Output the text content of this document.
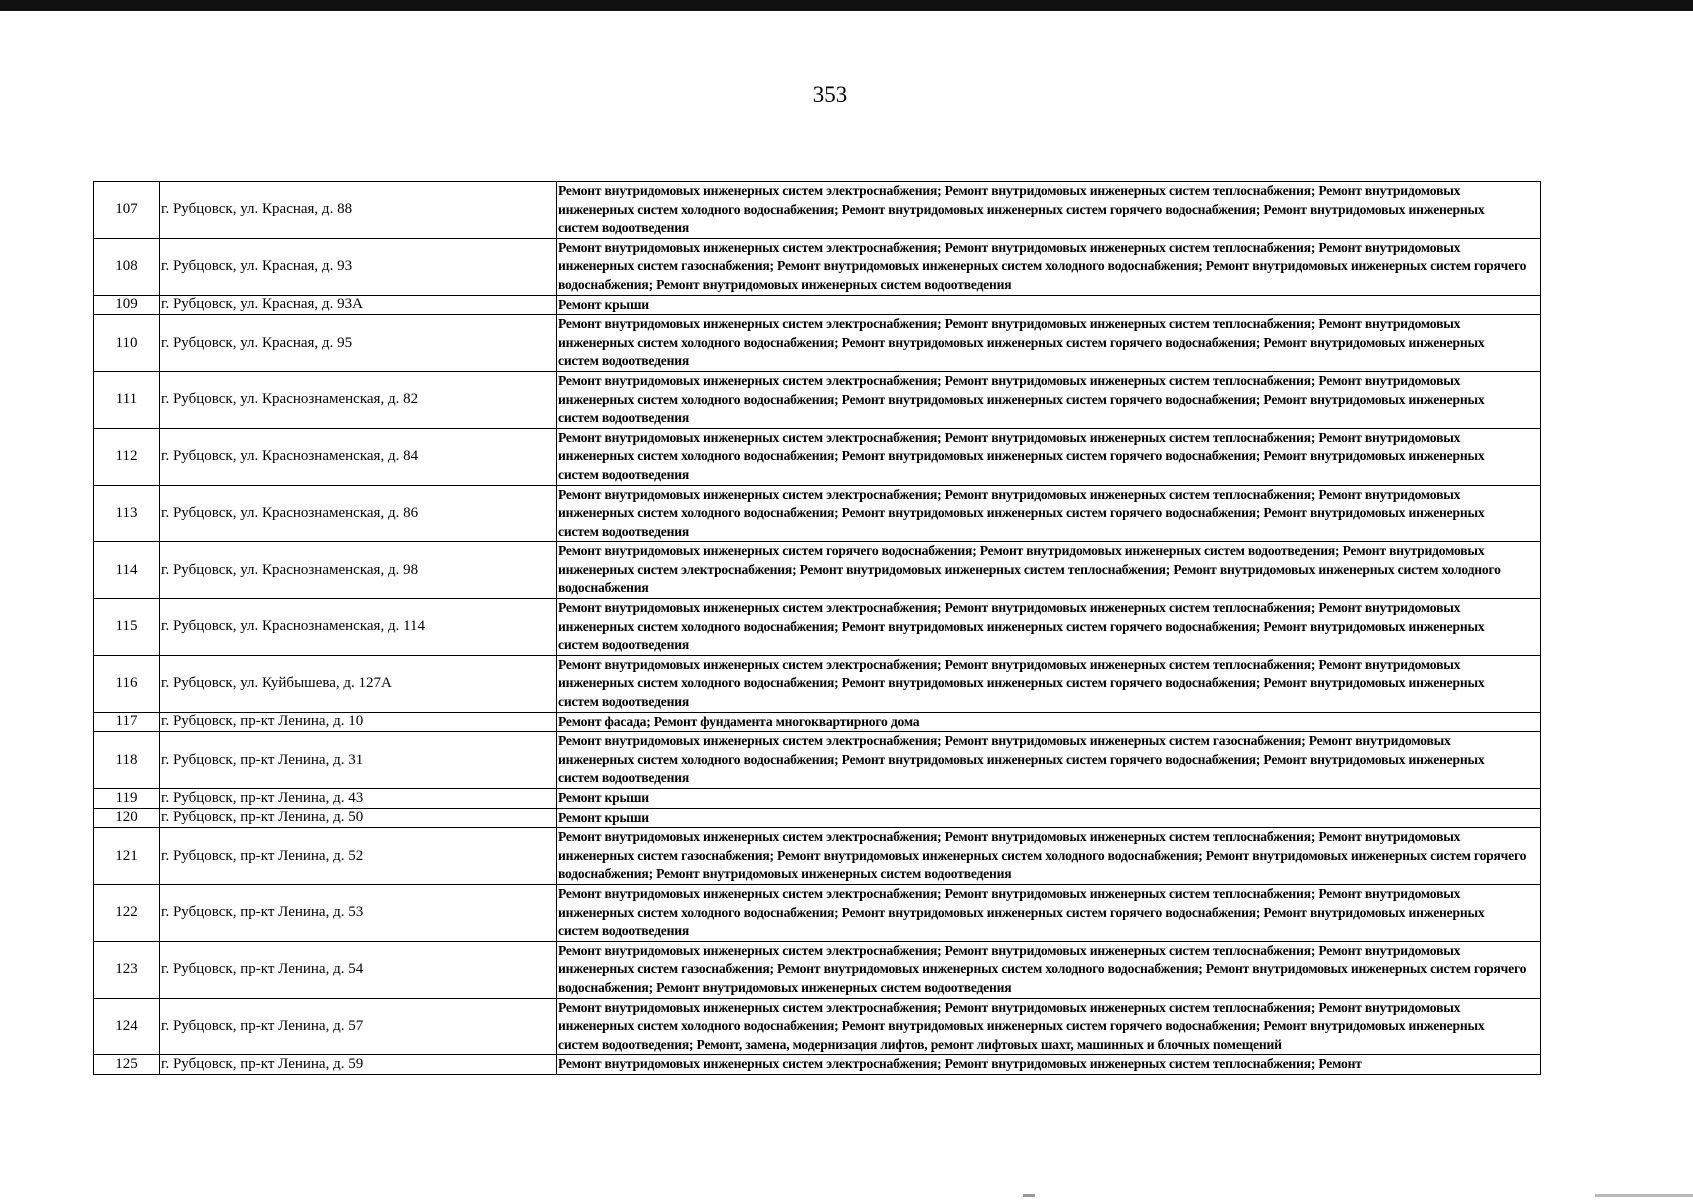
353
107	г. Рубцовск, ул. Красная, д. 88	Ремонт внутридомовых инженерных систем электроснабжения; Ремонт внутридомовых инженерных систем теплоснабжения; Ремонт внутридомовых инженерных систем холодного водоснабжения; Ремонт внутридомовых инженерных систем горячего водоснабжения; Ремонт внутридомовых инженерных систем водоотведения

108	г. Рубцовск, ул. Красная, д. 93	Ремонт внутридомовых инженерных систем электроснабжения; Ремонт внутридомовых инженерных систем теплоснабжения; Ремонт внутридомовых инженерных систем газоснабжения; Ремонт внутридомовых инженерных систем холодного водоснабжения; Ремонт внутридомовых инженерных систем горячего водоснабжения; Ремонт внутридомовых инженерных систем водоотведения

109	г. Рубцовск, ул. Красная, д. 93А	Ремонт крыши

110	г. Рубцовск, ул. Красная, д. 95	Ремонт внутридомовых инженерных систем электроснабжения; Ремонт внутридомовых инженерных систем теплоснабжения; Ремонт внутридомовых инженерных систем холодного водоснабжения; Ремонт внутридомовых инженерных систем горячего водоснабжения; Ремонт внутридомовых инженерных систем водоотведения

111	г. Рубцовск, ул. Краснознаменская, д. 82	Ремонт внутридомовых инженерных систем электроснабжения; Ремонт внутридомовых инженерных систем теплоснабжения; Ремонт внутридомовых инженерных систем холодного водоснабжения; Ремонт внутридомовых инженерных систем горячего водоснабжения; Ремонт внутридомовых инженерных систем водоотведения

112	г. Рубцовск, ул. Краснознаменская, д. 84	Ремонт внутридомовых инженерных систем электроснабжения; Ремонт внутридомовых инженерных систем теплоснабжения; Ремонт внутридомовых инженерных систем холодного водоснабжения; Ремонт внутридомовых инженерных систем горячего водоснабжения; Ремонт внутридомовых инженерных систем водоотведения

113	г. Рубцовск, ул. Краснознаменская, д. 86	Ремонт внутридомовых инженерных систем электроснабжения; Ремонт внутридомовых инженерных систем теплоснабжения; Ремонт внутридомовых инженерных систем холодного водоснабжения; Ремонт внутридомовых инженерных систем горячего водоснабжения; Ремонт внутридомовых инженерных систем водоотведения

114	г. Рубцовск, ул. Краснознаменская, д. 98	Ремонт внутридомовых инженерных систем горячего водоснабжения; Ремонт внутридомовых инженерных систем водоотведения; Ремонт внутридомовых инженерных систем электроснабжения; Ремонт внутридомовых инженерных систем теплоснабжения; Ремонт внутридомовых инженерных систем холодного водоснабжения

115	г. Рубцовск, ул. Краснознаменская, д. 114	Ремонт внутридомовых инженерных систем электроснабжения; Ремонт внутридомовых инженерных систем теплоснабжения; Ремонт внутридомовых инженерных систем холодного водоснабжения; Ремонт внутридомовых инженерных систем горячего водоснабжения; Ремонт внутридомовых инженерных систем водоотведения

116	г. Рубцовск, ул. Куйбышева, д. 127А	Ремонт внутридомовых инженерных систем электроснабжения; Ремонт внутридомовых инженерных систем теплоснабжения; Ремонт внутридомовых инженерных систем холодного водоснабжения; Ремонт внутридомовых инженерных систем горячего водоснабжения; Ремонт внутридомовых инженерных систем водоотведения

117	г. Рубцовск, пр-кт Ленина, д. 10	Ремонт фасада; Ремонт фундамента многоквартирного дома

118	г. Рубцовск, пр-кт Ленина, д. 31	Ремонт внутридомовых инженерных систем электроснабжения; Ремонт внутридомовых инженерных систем газоснабжения; Ремонт внутридомовых инженерных систем холодного водоснабжения; Ремонт внутридомовых инженерных систем горячего водоснабжения; Ремонт внутридомовых инженерных систем водоотведения

119	г. Рубцовск, пр-кт Ленина, д. 43	Ремонт крыши

120	г. Рубцовск, пр-кт Ленина, д. 50	Ремонт крыши

121	г. Рубцовск, пр-кт Ленина, д. 52	Ремонт внутридомовых инженерных систем электроснабжения; Ремонт внутридомовых инженерных систем теплоснабжения; Ремонт внутридомовых инженерных систем газоснабжения; Ремонт внутридомовых инженерных систем холодного водоснабжения; Ремонт внутридомовых инженерных систем горячего водоснабжения; Ремонт внутридомовых инженерных систем водоотведения

122	г. Рубцовск, пр-кт Ленина, д. 53	Ремонт внутридомовых инженерных систем электроснабжения; Ремонт внутридомовых инженерных систем теплоснабжения; Ремонт внутридомовых инженерных систем холодного водоснабжения; Ремонт внутридомовых инженерных систем горячего водоснабжения; Ремонт внутридомовых инженерных систем водоотведения

123	г. Рубцовск, пр-кт Ленина, д. 54	Ремонт внутридомовых инженерных систем электроснабжения; Ремонт внутридомовых инженерных систем теплоснабжения; Ремонт внутридомовых инженерных систем газоснабжения; Ремонт внутридомовых инженерных систем холодного водоснабжения; Ремонт внутридомовых инженерных систем горячего водоснабжения; Ремонт внутридомовых инженерных систем водоотведения

124	г. Рубцовск, пр-кт Ленина, д. 57	Ремонт внутридомовых инженерных систем электроснабжения; Ремонт внутридомовых инженерных систем теплоснабжения; Ремонт внутридомовых инженерных систем холодного водоснабжения; Ремонт внутридомовых инженерных систем горячего водоснабжения; Ремонт внутридомовых инженерных систем водоотведения; Ремонт, замена, модернизация лифтов, ремонт лифтовых шахт, машинных и блочных помещений

125	г. Рубцовск, пр-кт Ленина, д. 59	Ремонт внутридомовых инженерных систем электроснабжения; Ремонт внутридомовых инженерных систем теплоснабжения; Ремонт
